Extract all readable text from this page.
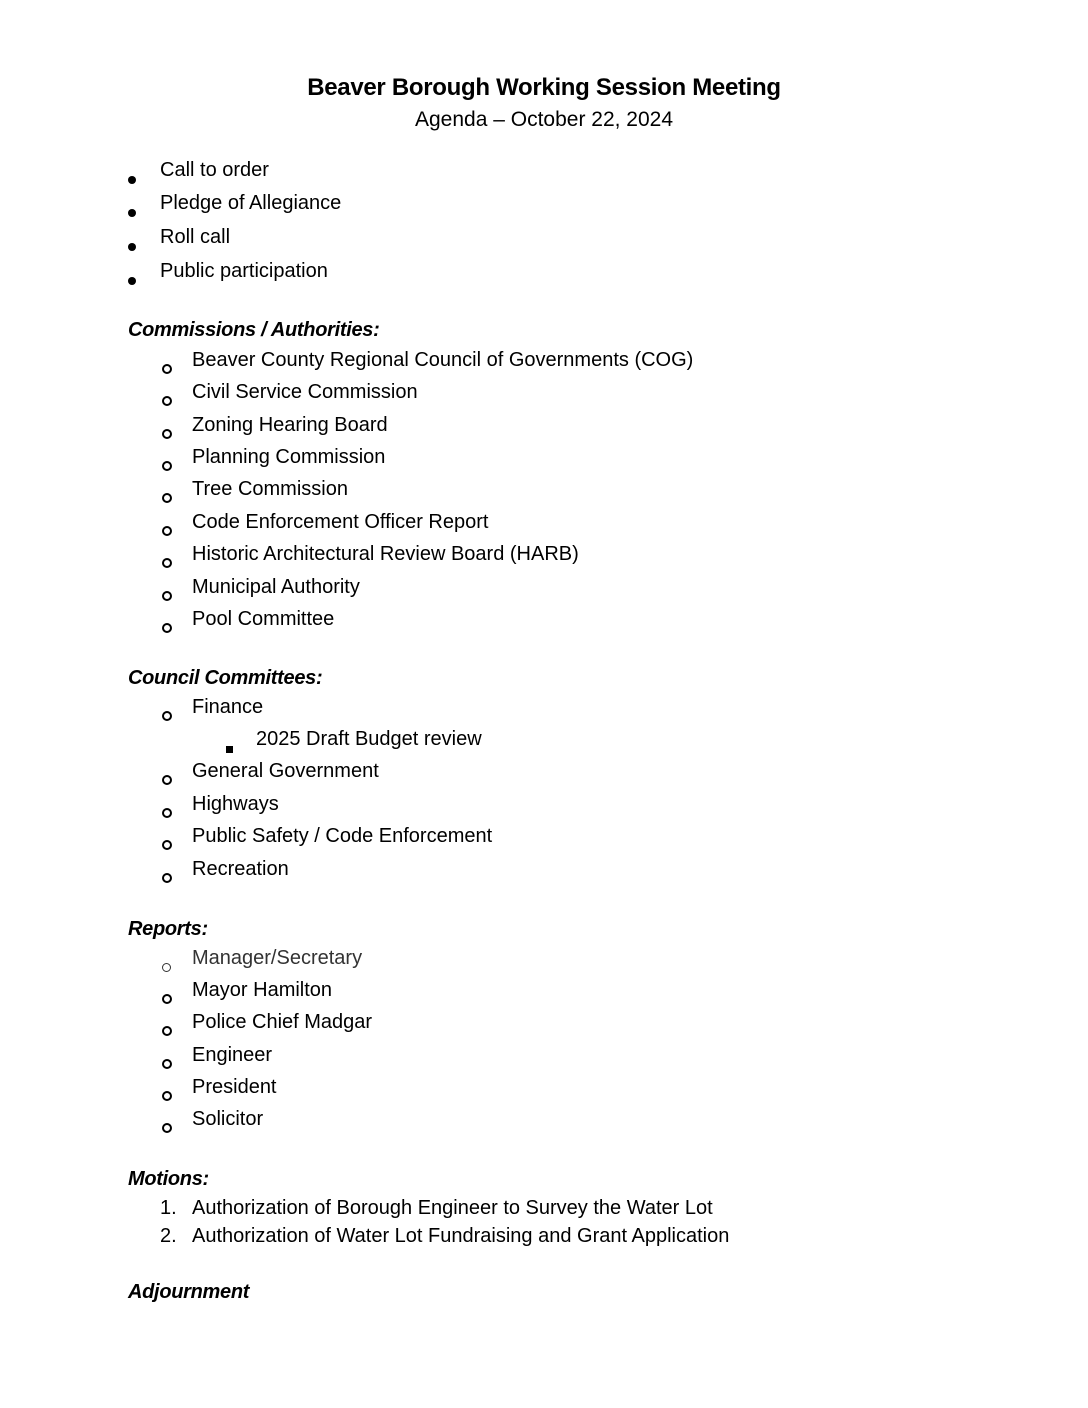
Beaver Borough Working Session Meeting
Agenda – October 22, 2024
Call to order
Pledge of Allegiance
Roll call
Public participation
Commissions / Authorities:
Beaver County Regional Council of Governments (COG)
Civil Service Commission
Zoning Hearing Board
Planning Commission
Tree Commission
Code Enforcement Officer Report
Historic Architectural Review Board (HARB)
Municipal Authority
Pool Committee
Council Committees:
Finance
2025 Draft Budget review
General Government
Highways
Public Safety / Code Enforcement
Recreation
Reports:
Manager/Secretary
Mayor Hamilton
Police Chief Madgar
Engineer
President
Solicitor
Motions:
1. Authorization of Borough Engineer to Survey the Water Lot
2. Authorization of Water Lot Fundraising and Grant Application
Adjournment
